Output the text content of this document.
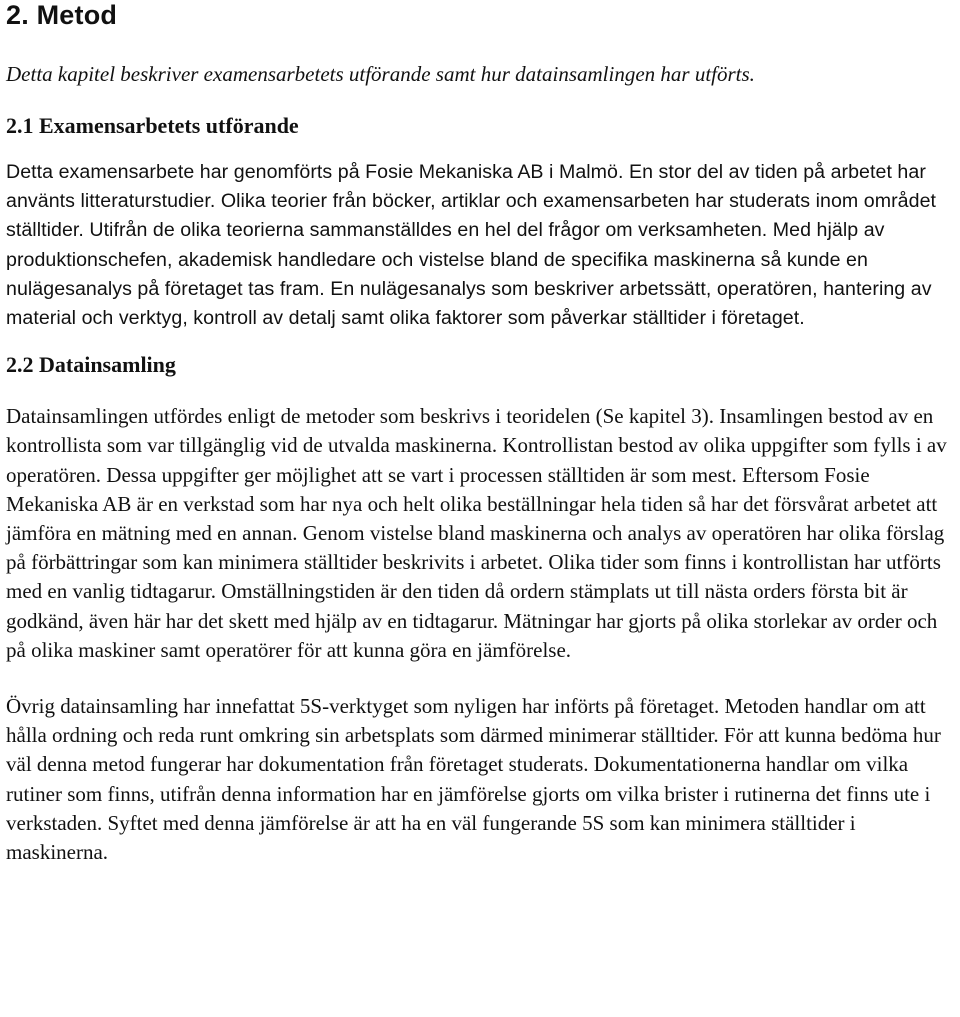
2. Metod

Detta kapitel beskriver examensarbetets utförande samt hur datainsamlingen har utförts.

2.1 Examensarbetets utförande

Detta examensarbete har genomförts på Fosie Mekaniska AB i Malmö. En stor del av tiden på arbetet har använts litteraturstudier. Olika teorier från böcker, artiklar och examensarbeten har studerats inom området ställtider. Utifrån de olika teorierna sammanställdes en hel del frågor om verksamheten. Med hjälp av produktionschefen, akademisk handledare och vistelse bland de specifika maskinerna så kunde en nulägesanalys på företaget tas fram. En nulägesanalys som beskriver arbetssätt, operatören, hantering av material och verktyg, kontroll av detalj samt olika faktorer som påverkar ställtider i företaget.

2.2 Datainsamling

Datainsamlingen utfördes enligt de metoder som beskrivs i teoridelen (Se kapitel 3). Insamlingen bestod av en kontrollista som var tillgänglig vid de utvalda maskinerna. Kontrollistan bestod av olika uppgifter som fylls i av operatören. Dessa uppgifter ger möjlighet att se vart i processen ställtiden är som mest. Eftersom Fosie Mekaniska AB är en verkstad som har nya och helt olika beställningar hela tiden så har det försvårat arbetet att jämföra en mätning med en annan. Genom vistelse bland maskinerna och analys av operatören har olika förslag på förbättringar som kan minimera ställtider beskrivits i arbetet. Olika tider som finns i kontrollistan har utförts med en vanlig tidtagarur. Omställningstiden är den tiden då ordern stämplats ut till nästa orders första bit är godkänd, även här har det skett med hjälp av en tidtagarur. Mätningar har gjorts på olika storlekar av order och på olika maskiner samt operatörer för att kunna göra en jämförelse.

Övrig datainsamling har innefattat 5S-verktyget som nyligen har införts på företaget. Metoden handlar om att hålla ordning och reda runt omkring sin arbetsplats som därmed minimerar ställtider. För att kunna bedöma hur väl denna metod fungerar har dokumentation från företaget studerats. Dokumentationerna handlar om vilka rutiner som finns, utifrån denna information har en jämförelse gjorts om vilka brister i rutinerna det finns ute i verkstaden. Syftet med denna jämförelse är att ha en väl fungerande 5S som kan minimera ställtider i maskinerna.
